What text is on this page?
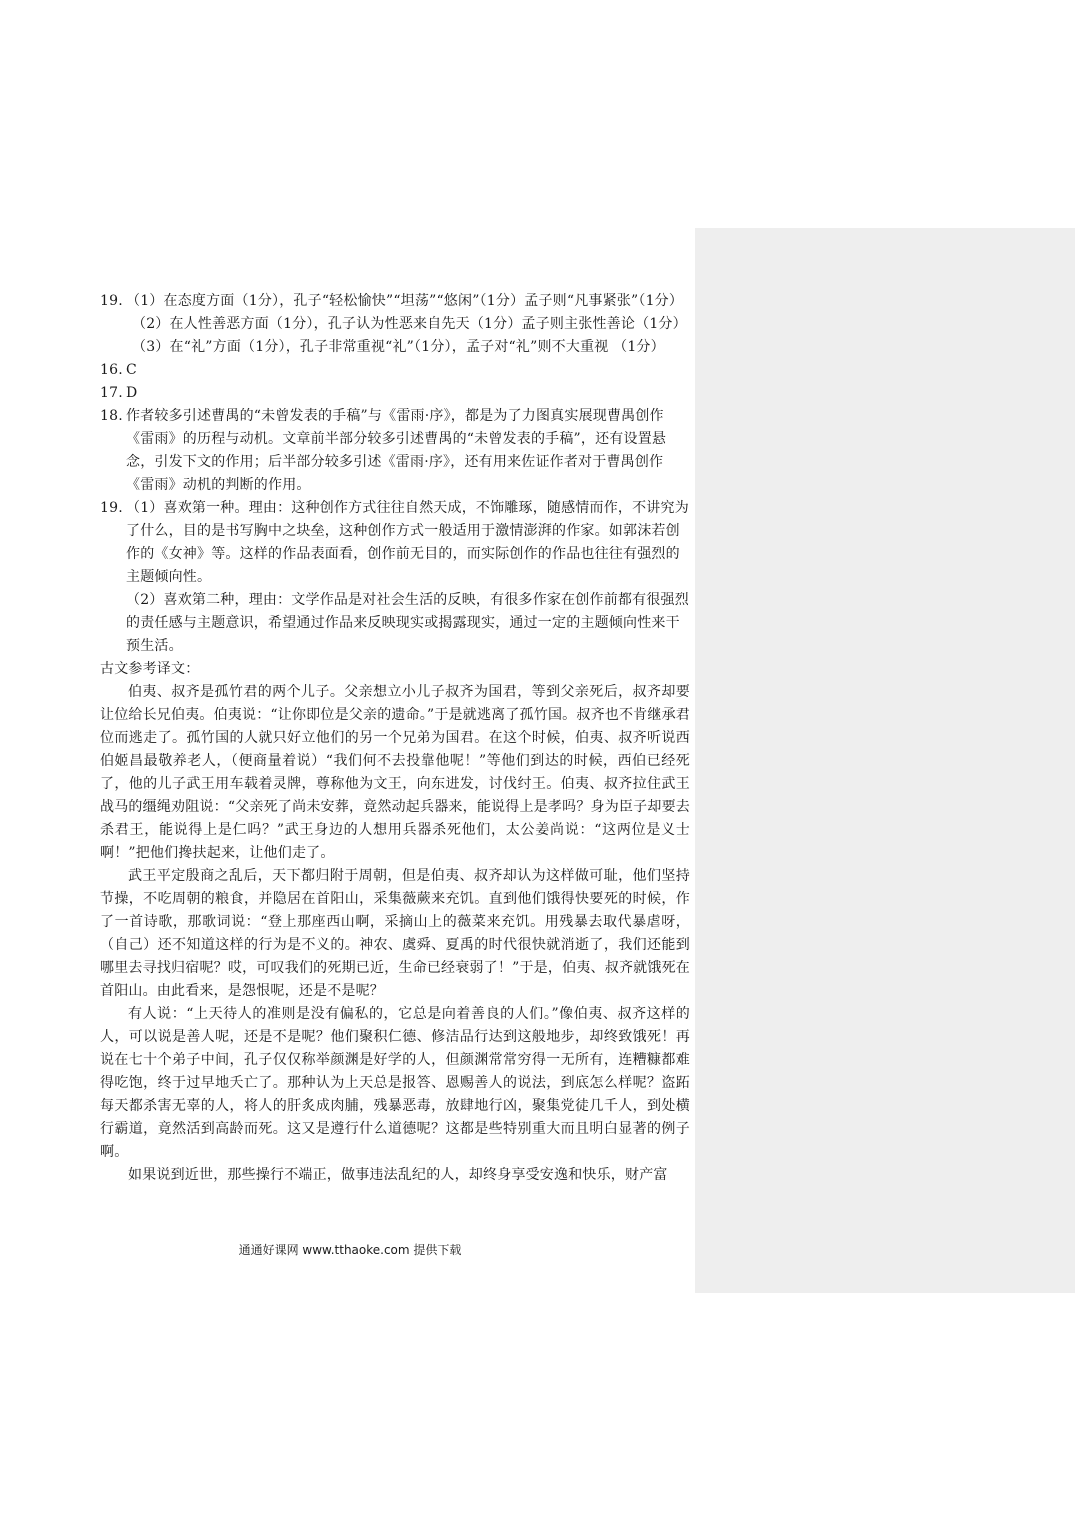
19. （1）在态度方面（1分），孔子“轻松愉快”“坦荡”“悠闲”（1分）孟子则“凡事紧张”（1分）

（2）在人性善恶方面（1分），孔子认为性恶来自先天（1分）孟子则主张性善论（1分）

（3）在“礼”方面（1分），孔子非常重视“礼”（1分），孟子对“礼”则不大重视 （1分）

16. C

17. D

18. 作者较多引述曹禺的“未曾发表的手稿”与《雷雨·序》，都是为了力图真实展现曹禺创作《雷雨》的历程与动机。文章前半部分较多引述曹禺的“未曾发表的手稿”，还有设置悬念，引发下文的作用；后半部分较多引述《雷雨·序》，还有用来佐证作者对于曹禺创作《雷雨》动机的判断的作用。

19. （1）喜欢第一种。理由：这种创作方式往往自然天成，不饰雕琢，随感情而作，不讲究为了什么，目的是书写胸中之块垒，这种创作方式一般适用于激情澎湃的作家。如郭沫若创作的《女神》等。这样的作品表面看，创作前无目的，而实际创作的作品也往往有强烈的主题倾向性。

（2）喜欢第二种，理由：文学作品是对社会生活的反映，有很多作家在创作前都有很强烈的责任感与主题意识，希望通过作品来反映现实或揭露现实，通过一定的主题倾向性来干预生活。

古文参考译文：

伯夷、叔齐是孤竹君的两个儿子。父亲想立小儿子叔齐为国君，等到父亲死后，叔齐却要让位给长兄伯夷。伯夷说：“让你即位是父亲的遗命。”于是就逃离了孤竹国。叔齐也不肯继承君位而逃走了。孤竹国的人就只好立他们的另一个兄弟为国君。在这个时候，伯夷、叔齐听说西伯姬昌最敬养老人，（便商量着说）“我们何不去投靠他呢！”等他们到达的时候，西伯已经死了，他的儿子武王用车载着灵牌，尊称他为文王，向东进发，讨伐纣王。伯夷、叔齐拉住武王战马的缰绳劝阻说：“父亲死了尚未安葬，竟然动起兵器来，能说得上是孝吗？身为臣子却要去杀君王，能说得上是仁吗？”武王身边的人想用兵器杀死他们，太公姜尚说：“这两位是义士啊！”把他们搀扶起来，让他们走了。

武王平定殷商之乱后，天下都归附于周朝，但是伯夷、叔齐却认为这样做可耻，他们坚持节操，不吃周朝的粮食，并隐居在首阳山，采集薇蕨来充饥。直到他们饿得快要死的时候，作了一首诗歌，那歌词说：“登上那座西山啊，采摘山上的薇菜来充饥。用残暴去取代暴虐呀，（自己）还不知道这样的行为是不义的。神农、虞舜、夏禹的时代很快就消逝了，我们还能到哪里去寻找归宿呢？哎，可叹我们的死期已近，生命已经衰弱了！”于是，伯夷、叔齐就饿死在首阳山。由此看来，是怨恨呢，还是不是呢？

有人说：“上天待人的准则是没有偏私的，它总是向着善良的人们。”像伯夷、叔齐这样的人，可以说是善人呢，还是不是呢？他们聚积仁德、修洁品行达到这般地步，却终致饿死！再说在七十个弟子中间，孔子仅仅称举颜渊是好学的人，但颜渊常常穷得一无所有，连糟糠都难得吃饱，终于过早地夭亡了。那种认为上天总是报答、恩赐善人的说法，到底怎么样呢？盗跖每天都杀害无辜的人，将人的肝炙成肉脯，残暴恶毒，放肆地行凶，聚集党徒几千人，到处横行霸道，竟然活到高龄而死。这又是遵行什么道德呢？这都是些特别重大而且明白显著的例子啊。

如果说到近世，那些操行不端正，做事违法乱纪的人，却终身享受安逸和快乐，财产富

通通好课网 www.tthaoke.com 提供下载
